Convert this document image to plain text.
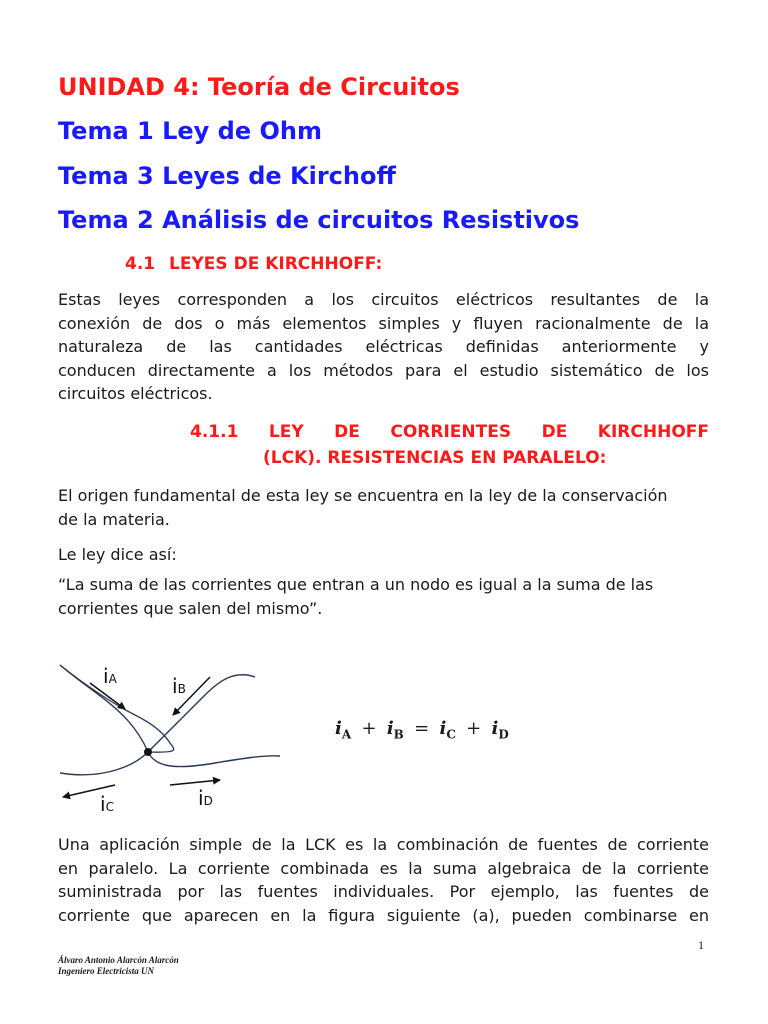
UNIDAD 4: Teoría de Circuitos
Tema 1 Ley de Ohm
Tema 3 Leyes de Kirchoff
Tema 2 Análisis de circuitos Resistivos
4.1 LEYES DE KIRCHHOFF:
Estas leyes corresponden a los circuitos eléctricos resultantes de la
conexión de dos o más elementos simples y fluyen racionalmente de la
naturaleza de las cantidades eléctricas definidas anteriormente y
conducen directamente a los métodos para el estudio sistemático de los
circuitos eléctricos.
4.1.1 LEY DE CORRIENTES DE KIRCHHOFF
(LCK). RESISTENCIAS EN PARALELO:
El origen fundamental de esta ley se encuentra en la ley de la conservación
de la materia.
Le ley dice así:
“La suma de las corrientes que entran a un nodo es igual a la suma de las
corrientes que salen del mismo”.
iA	iB
iC	iD
$i_A + i_B = i_C + i_D$
Una aplicación simple de la LCK es la combinación de fuentes de corriente
en paralelo. La corriente combinada es la suma algebraica de la corriente
suministrada por las fuentes individuales. Por ejemplo, las fuentes de
corriente que aparecen en la figura siguiente (a), pueden combinarse en
1
Álvaro Antonio Alarcón Alarcón
Ingeniero Electricista UN
